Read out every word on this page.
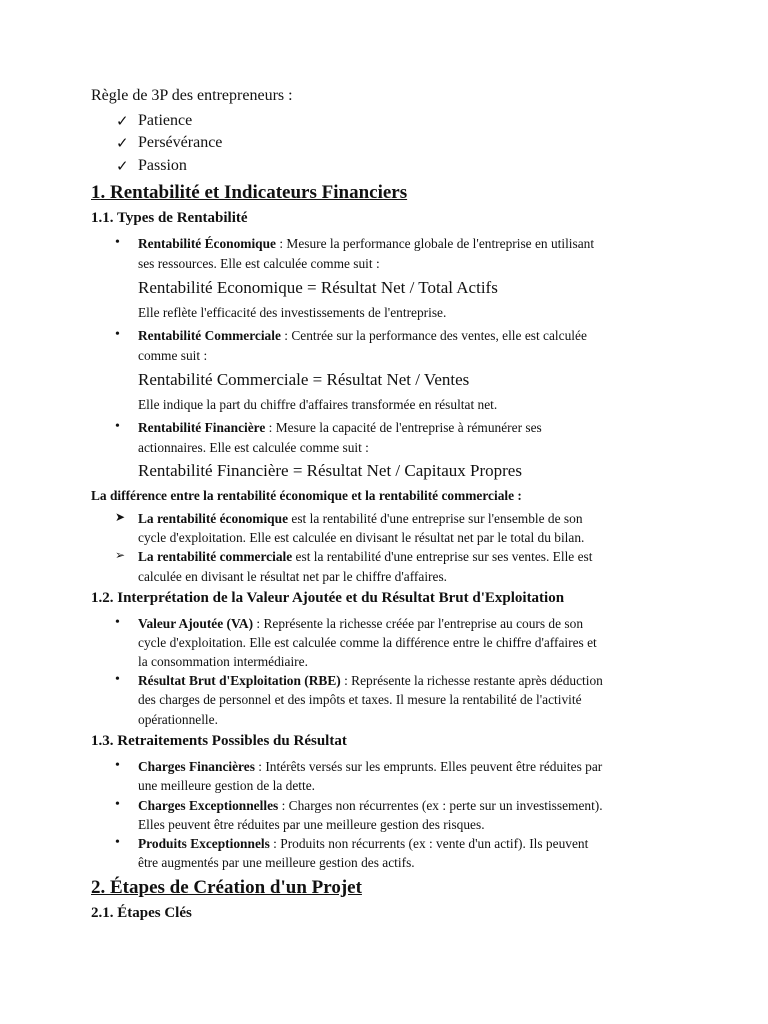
Règle de 3P des entrepreneurs :
✓ Patience
✓ Persévérance
✓ Passion
1. Rentabilité et Indicateurs Financiers
1.1. Types de Rentabilité
• Rentabilité Économique : Mesure la performance globale de l'entreprise en utilisant
ses ressources. Elle est calculée comme suit :
Rentabilité Economique = Résultat Net / Total Actifs
Elle reflète l'efficacité des investissements de l'entreprise.
• Rentabilité Commerciale : Centrée sur la performance des ventes, elle est calculée
comme suit :
Rentabilité Commerciale = Résultat Net / Ventes
Elle indique la part du chiffre d'affaires transformée en résultat net.
• Rentabilité Financière : Mesure la capacité de l'entreprise à rémunérer ses
actionnaires. Elle est calculée comme suit :
Rentabilité Financière = Résultat Net / Capitaux Propres
La différence entre la rentabilité économique et la rentabilité commerciale :
➤ La rentabilité économique est la rentabilité d'une entreprise sur l'ensemble de son
cycle d'exploitation. Elle est calculée en divisant le résultat net par le total du bilan.
➢ La rentabilité commerciale est la rentabilité d'une entreprise sur ses ventes. Elle est
calculée en divisant le résultat net par le chiffre d'affaires.
1.2. Interprétation de la Valeur Ajoutée et du Résultat Brut d'Exploitation
• Valeur Ajoutée (VA) : Représente la richesse créée par l'entreprise au cours de son
cycle d'exploitation. Elle est calculée comme la différence entre le chiffre d'affaires et
la consommation intermédiaire.
• Résultat Brut d'Exploitation (RBE) : Représente la richesse restante après déduction
des charges de personnel et des impôts et taxes. Il mesure la rentabilité de l'activité
opérationnelle.
1.3. Retraitements Possibles du Résultat
• Charges Financières : Intérêts versés sur les emprunts. Elles peuvent être réduites par
une meilleure gestion de la dette.
• Charges Exceptionnelles : Charges non récurrentes (ex : perte sur un investissement).
Elles peuvent être réduites par une meilleure gestion des risques.
• Produits Exceptionnels : Produits non récurrents (ex : vente d'un actif). Ils peuvent
être augmentés par une meilleure gestion des actifs.
2. Étapes de Création d'un Projet
2.1. Étapes Clés
